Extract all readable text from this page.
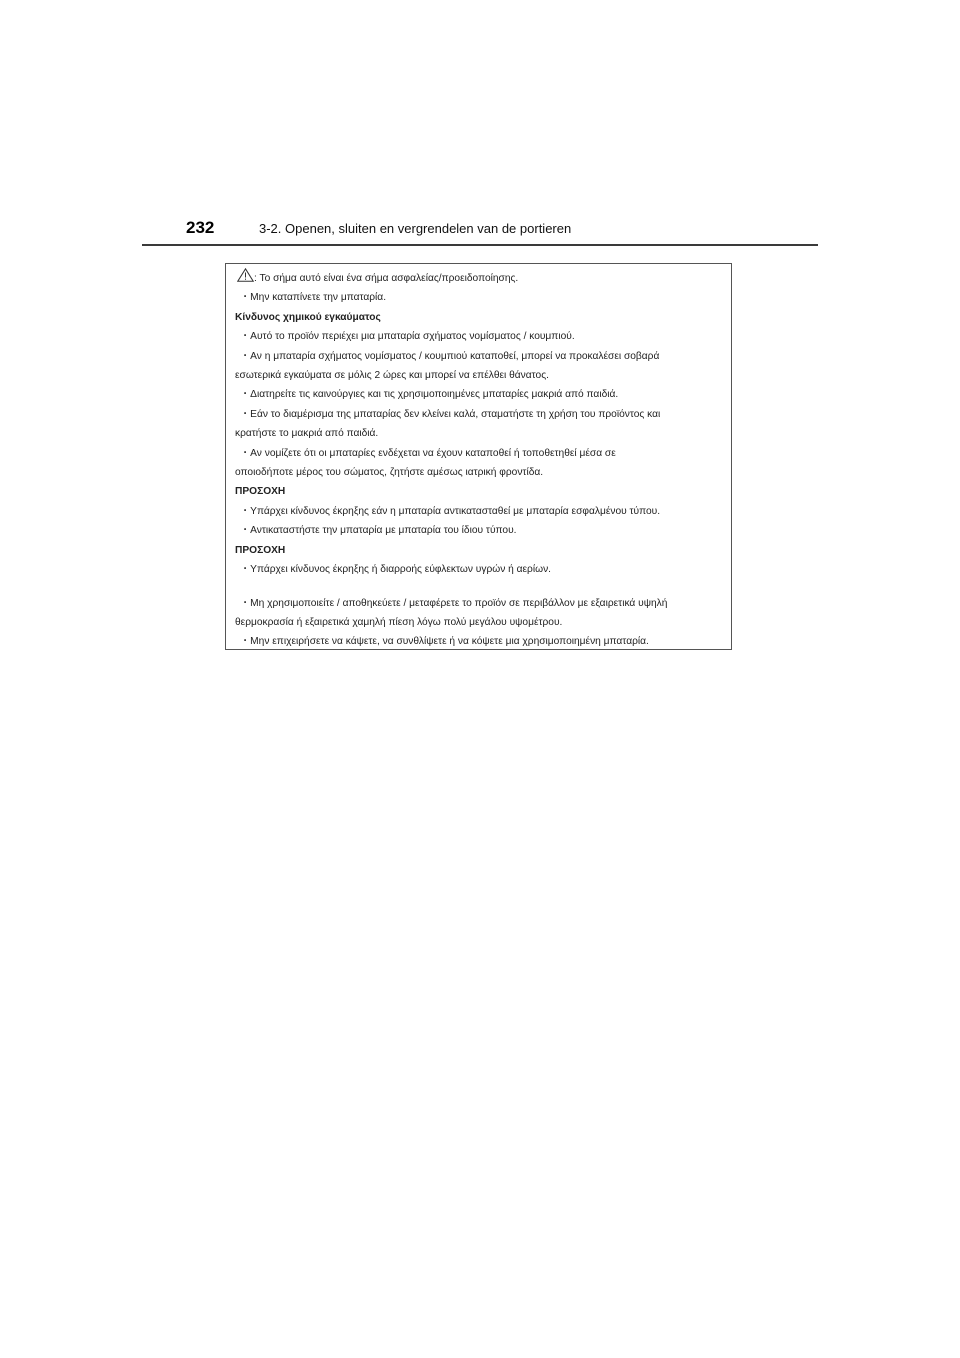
232	3-2. Openen, sluiten en vergrendelen van de portieren
: Το σήμα αυτό είναι ένα σήμα ασφαλείας/προειδοποίησης.
・Μην καταπίνετε την μπαταρία.
Κίνδυνος χημικού εγκαύματος
・Αυτό το προϊόν περιέχει μια μπαταρία σχήματος νομίσματος / κουμπιού.
・Αν η μπαταρία σχήματος νομίσματος / κουμπιού καταποθεί, μπορεί να προκαλέσει σοβαρά
εσωτερικά εγκαύματα σε μόλις 2 ώρες και μπορεί να επέλθει θάνατος.
・Διατηρείτε τις καινούργιες και τις χρησιμοποιημένες μπαταρίες μακριά από παιδιά.
・Εάν το διαμέρισμα της μπαταρίας δεν κλείνει καλά, σταματήστε τη χρήση του προϊόντος και
κρατήστε το μακριά από παιδιά.
・Αν νομίζετε ότι οι μπαταρίες ενδέχεται να έχουν καταποθεί ή τοποθετηθεί μέσα σε
οποιοδήποτε μέρος του σώματος, ζητήστε αμέσως ιατρική φροντίδα.
ΠΡΟΣΟΧΗ
・Υπάρχει κίνδυνος έκρηξης εάν η μπαταρία αντικατασταθεί με μπαταρία εσφαλμένου τύπου.
・Αντικαταστήστε την μπαταρία με μπαταρία του ίδιου τύπου.
ΠΡΟΣΟΧΗ
・Υπάρχει κίνδυνος έκρηξης ή διαρροής εύφλεκτων υγρών ή αερίων.
・Μη χρησιμοποιείτε / αποθηκεύετε / μεταφέρετε το προϊόν σε περιβάλλον με εξαιρετικά υψηλή
θερμοκρασία ή εξαιρετικά χαμηλή πίεση λόγω πολύ μεγάλου υψομέτρου.
・Μην επιχειρήσετε να κάψετε, να συνθλίψετε ή να κόψετε μια χρησιμοποιημένη μπαταρία.
